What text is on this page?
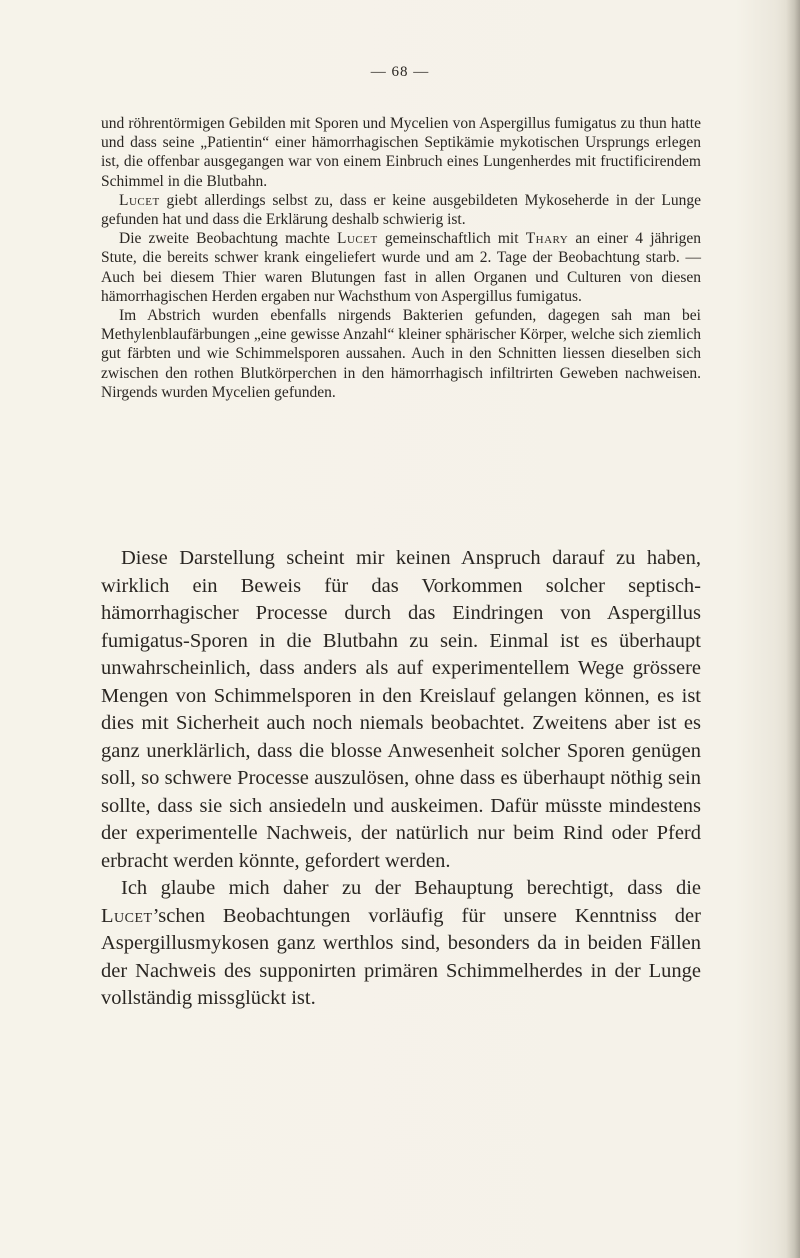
— 68 —

und röhrentörmigen Gebilden mit Sporen und Mycelien von Aspergillus fumigatus zu thun hatte und dass seine „Patientin“ einer hämorrhagischen Septikämie mykotischen Ursprungs erlegen ist, die offenbar ausgegangen war von einem Einbruch eines Lungenherdes mit fructificirendem Schimmel in die Blutbahn.

Lucet giebt allerdings selbst zu, dass er keine ausgebildeten Mykoseherde in der Lunge gefunden hat und dass die Erklärung deshalb schwierig ist.

Die zweite Beobachtung machte Lucet gemeinschaftlich mit Thary an einer 4 jährigen Stute, die bereits schwer krank eingeliefert wurde und am 2. Tage der Beobachtung starb. — Auch bei diesem Thier waren Blutungen fast in allen Organen und Culturen von diesen hämorrhagischen Herden ergaben nur Wachsthum von Aspergillus fumigatus.

Im Abstrich wurden ebenfalls nirgends Bakterien gefunden, dagegen sah man bei Methylenblaufärbungen „eine gewisse Anzahl“ kleiner sphärischer Körper, welche sich ziemlich gut färbten und wie Schimmelsporen aussahen. Auch in den Schnitten liessen dieselben sich zwischen den rothen Blutkörperchen in den hämorrhagisch infiltrirten Geweben nachweisen. Nirgends wurden Mycelien gefunden.

Diese Darstellung scheint mir keinen Anspruch darauf zu haben, wirklich ein Beweis für das Vorkommen solcher septisch-hämorrhagischer Processe durch das Eindringen von Aspergillus fumigatus-Sporen in die Blutbahn zu sein. Einmal ist es überhaupt unwahrscheinlich, dass anders als auf experimentellem Wege grössere Mengen von Schimmelsporen in den Kreislauf gelangen können, es ist dies mit Sicherheit auch noch niemals beobachtet. Zweitens aber ist es ganz unerklärlich, dass die blosse Anwesenheit solcher Sporen genügen soll, so schwere Processe auszulösen, ohne dass es überhaupt nöthig sein sollte, dass sie sich ansiedeln und auskeimen. Dafür müsste mindestens der experimentelle Nachweis, der natürlich nur beim Rind oder Pferd erbracht werden könnte, gefordert werden.

Ich glaube mich daher zu der Behauptung berechtigt, dass die Lucet’schen Beobachtungen vorläufig für unsere Kenntniss der Aspergillusmykosen ganz werthlos sind, besonders da in beiden Fällen der Nachweis des supponirten primären Schimmelherdes in der Lunge vollständig missglückt ist.
